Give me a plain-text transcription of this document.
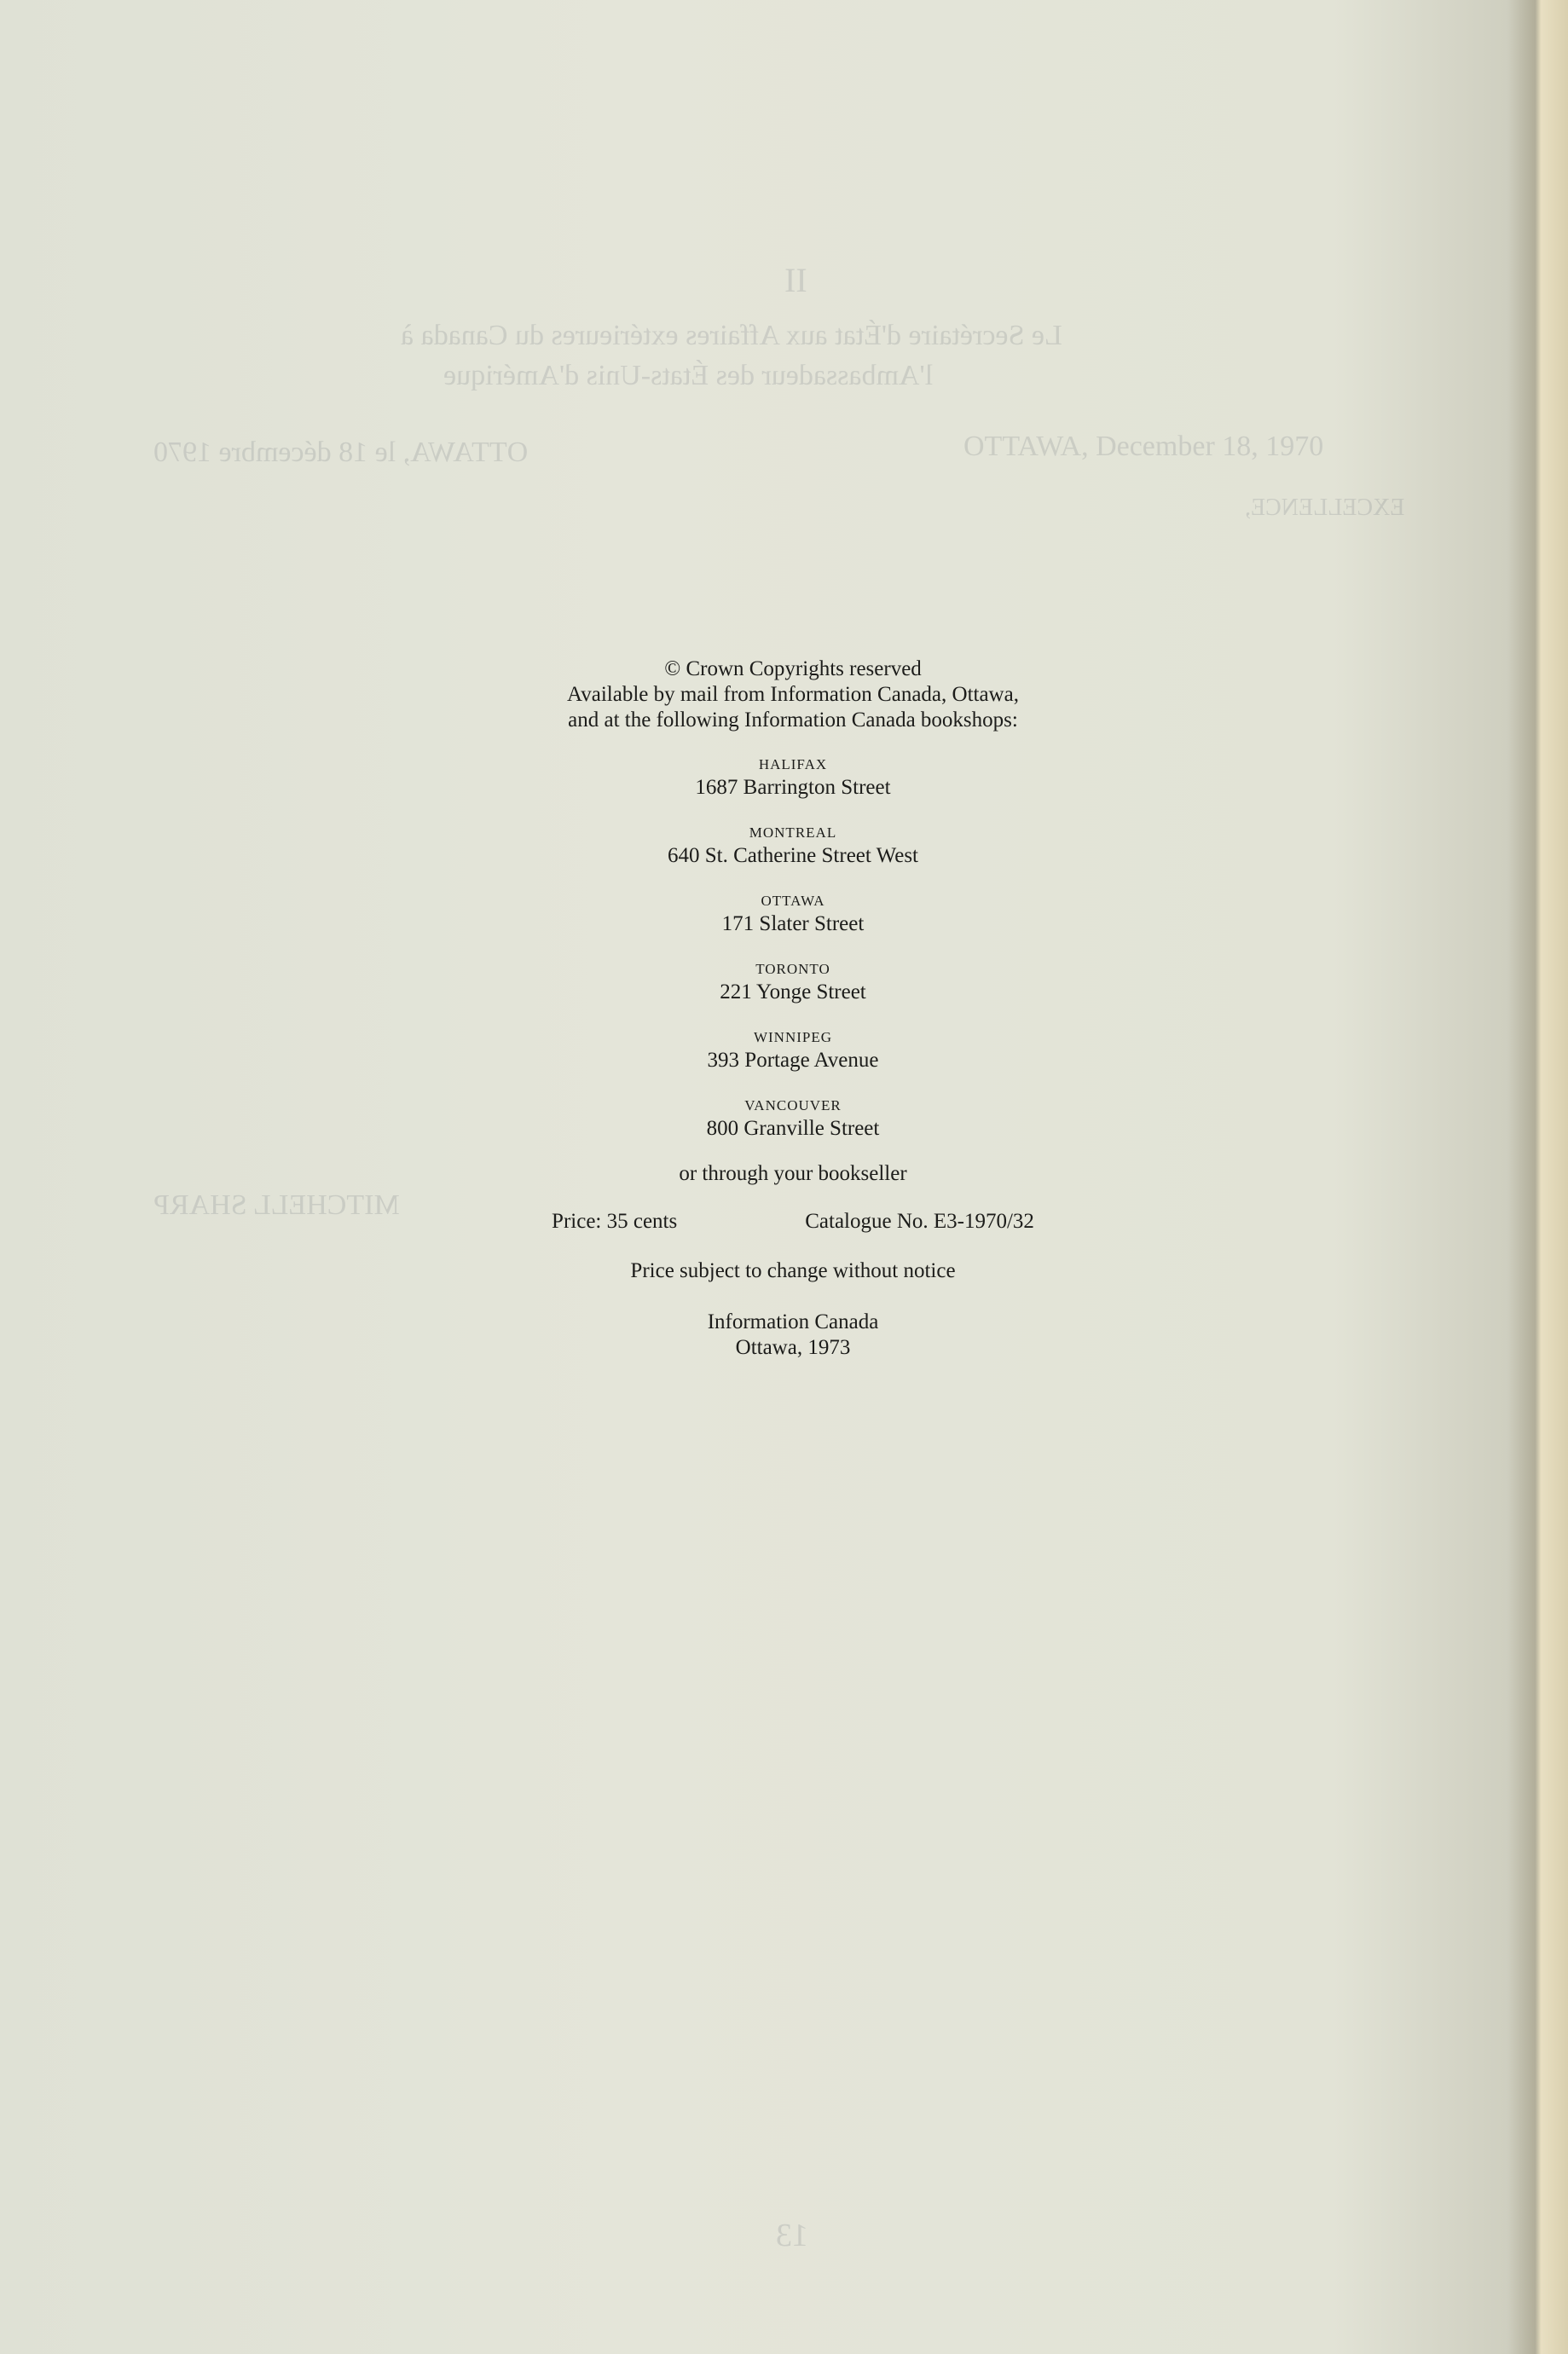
II
Le Secrétaire d'État aux Affaires extérieures du Canada à
l'Ambassadeur des États-Unis d'Amérique
OTTAWA, le 18 décembre 1970	OTTAWA, December 18, 1970
EXCELLENCE,
MITCHELL SHARP
13
© Crown Copyrights reserved
Available by mail from Information Canada, Ottawa,
and at the following Information Canada bookshops:
HALIFAX
1687 Barrington Street
MONTREAL
640 St. Catherine Street West
OTTAWA
171 Slater Street
TORONTO
221 Yonge Street
WINNIPEG
393 Portage Avenue
VANCOUVER
800 Granville Street
or through your bookseller
Price: 35 cents	Catalogue No. E3-1970/32
Price subject to change without notice
Information Canada
Ottawa, 1973
